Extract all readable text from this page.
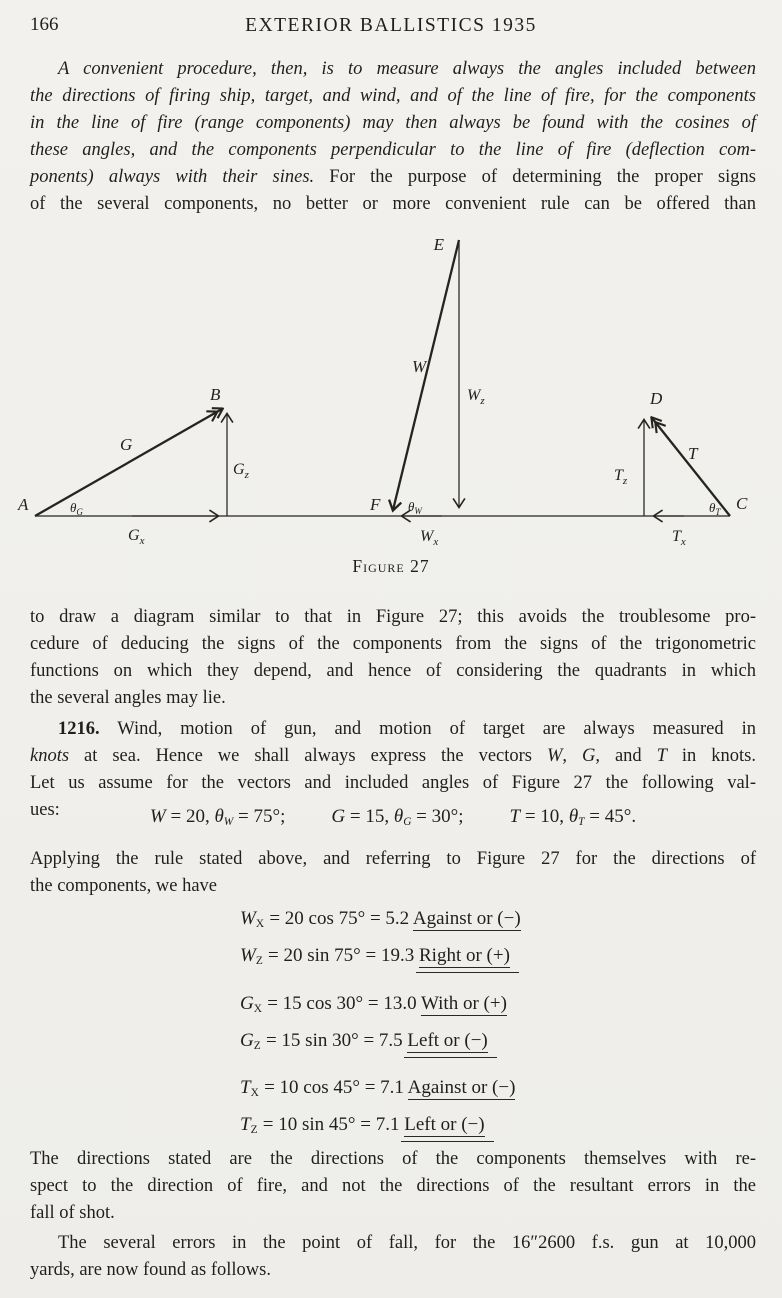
166	EXTERIOR BALLISTICS 1935
A convenient procedure, then, is to measure always the angles included between
the directions of firing ship, target, and wind, and of the line of fire, for the components
in the line of fire (range components) may then always be found with the cosines of
these angles, and the components perpendicular to the line of fire (deflection com-
ponents) always with their sines. For the purpose of determining the proper signs
of the several components, no better or more convenient rule can be offered than
A
B
E
F
D
C
G
W
T
$G_x$
$G_z$
$W_x$
$W_z$
$T_x$
$T_z$
$\theta_G$	$\theta_W$	$\theta_T$
Figure 27
to draw a diagram similar to that in Figure 27; this avoids the troublesome pro-
cedure of deducing the signs of the components from the signs of the trigonometric
functions on which they depend, and hence of considering the quadrants in which
the several angles may lie.
1216. Wind, motion of gun, and motion of target are always measured in
knots at sea. Hence we shall always express the vectors W, G, and T in knots.
Let us assume for the vectors and included angles of Figure 27 the following val-
ues:	W = 20, θW = 75°; G = 15, θG = 30°; T = 10, θT = 45°.
Applying the rule stated above, and referring to Figure 27 for the directions of
the components, we have
WX = 20 cos 75° = 5.2 Against or (−)
WZ = 20 sin 75° = 19.3 Right or (+)
GX = 15 cos 30° = 13.0 With or (+)
GZ = 15 sin 30° = 7.5 Left or (−)
TX = 10 cos 45° = 7.1 Against or (−)
TZ = 10 sin 45° = 7.1 Left or (−)
The directions stated are the directions of the components themselves with re-
spect to the direction of fire, and not the directions of the resultant errors in the
fall of shot.
The several errors in the point of fall, for the 16″2600 f.s. gun at 10,000
yards, are now found as follows.
